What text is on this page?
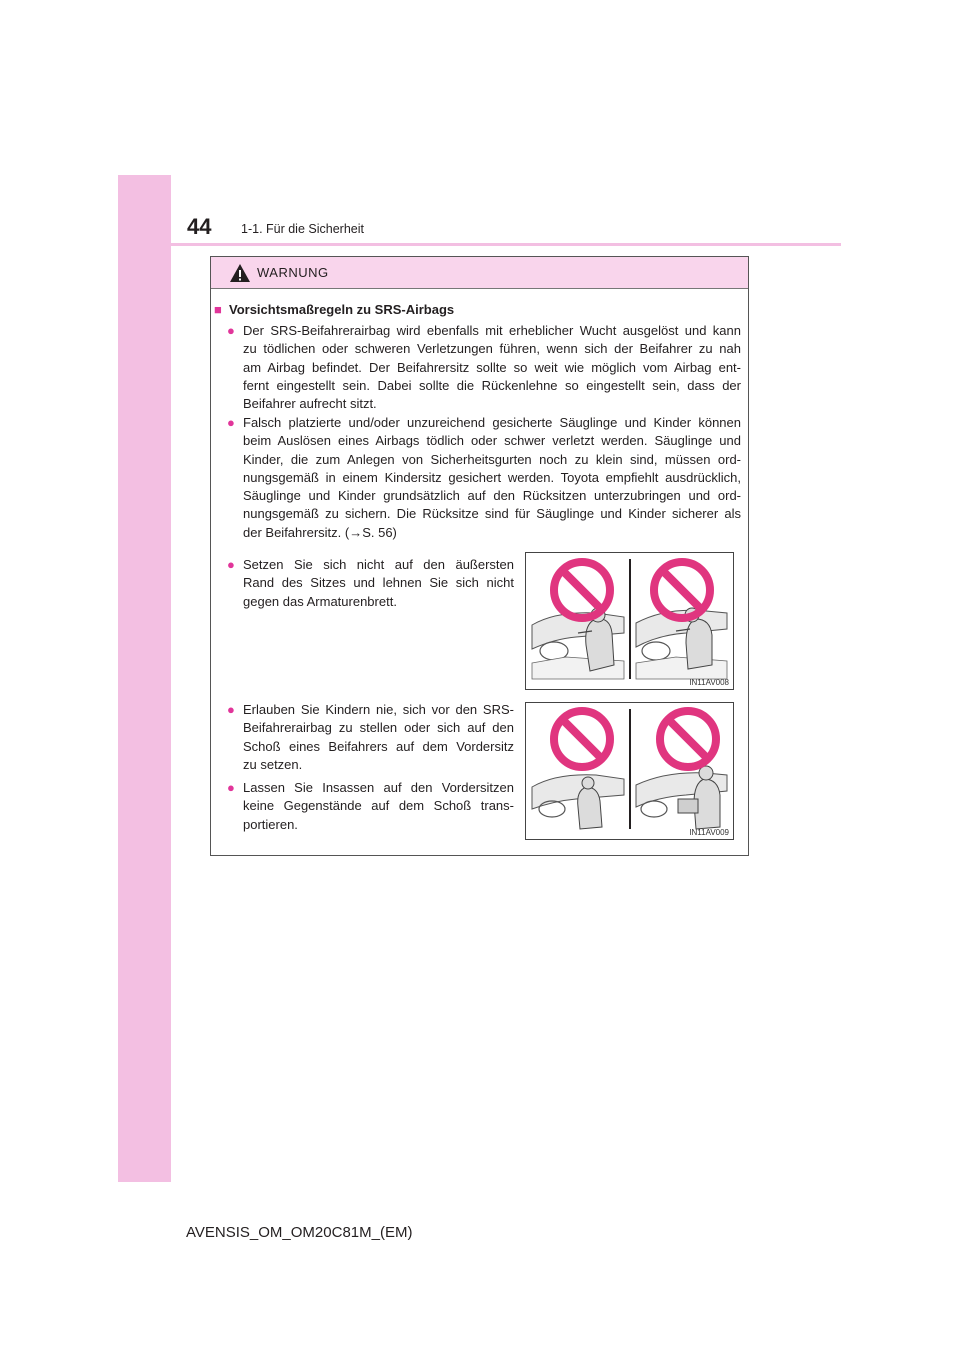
44 1-1. Für die Sicherheit
WARNUNG
■ Vorsichtsmaßregeln zu SRS-Airbags
● Der SRS-Beifahrerairbag wird ebenfalls mit erheblicher Wucht ausgelöst und kann
zu tödlichen oder schweren Verletzungen führen, wenn sich der Beifahrer zu nah
am Airbag befindet. Der Beifahrersitz sollte so weit wie möglich vom Airbag ent-
fernt eingestellt sein. Dabei sollte die Rückenlehne so eingestellt sein, dass der
Beifahrer aufrecht sitzt.
● Falsch platzierte und/oder unzureichend gesicherte Säuglinge und Kinder können
beim Auslösen eines Airbags tödlich oder schwer verletzt werden. Säuglinge und
Kinder, die zum Anlegen von Sicherheitsgurten noch zu klein sind, müssen ord-
nungsgemäß in einem Kindersitz gesichert werden. Toyota empfiehlt ausdrücklich,
Säuglinge und Kinder grundsätzlich auf den Rücksitzen unterzubringen und ord-
nungsgemäß zu sichern. Die Rücksitze sind für Säuglinge und Kinder sicherer als
der Beifahrersitz. (→S. 56)
● Setzen Sie sich nicht auf den äußersten
Rand des Sitzes und lehnen Sie sich nicht
gegen das Armaturenbrett.
● Erlauben Sie Kindern nie, sich vor den SRS-
Beifahrerairbag zu stellen oder sich auf den
Schoß eines Beifahrers auf dem Vordersitz
zu setzen.
● Lassen Sie Insassen auf den Vordersitzen
keine Gegenstände auf dem Schoß trans-
portieren.
IN11AV008
IN11AV009
AVENSIS_OM_OM20C81M_(EM)
